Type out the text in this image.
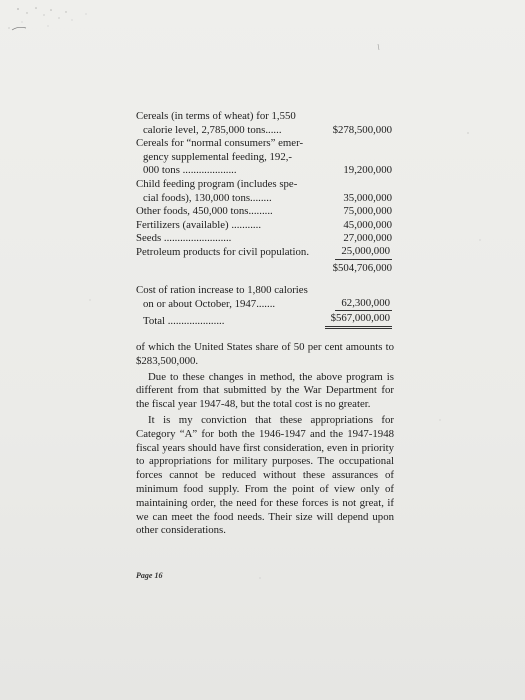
Cereals (in terms of wheat) for 1,550
calorie level, 2,785,000 tons......	$278,500,000
Cereals for “normal consumers” emer-
gency supplemental feeding, 192,-
000 tons ....................	19,200,000
Child feeding program (includes spe-
cial foods), 130,000 tons........	35,000,000
Other foods, 450,000 tons.........	75,000,000
Fertilizers (available) ...........	45,000,000
Seeds .........................	27,000,000
Petroleum products for civil population.	25,000,000
$504,706,000
Cost of ration increase to 1,800 calories
on or about October, 1947.......	62,300,000
Total .....................	$567,000,000

of which the United States share of 50 per cent amounts to $283,500,000.

Due to these changes in method, the above program is different from that submitted by the War Department for the fiscal year 1947-48, but the total cost is no greater.

It is my conviction that these appropriations for Category “A” for both the 1946-1947 and the 1947-1948 fiscal years should have first consideration, even in priority to appropriations for military purposes. The occupational forces cannot be reduced without these assurances of minimum food supply. From the point of view only of maintaining order, the need for these forces is not great, if we can meet the food needs. Their size will depend upon other considerations.

Page 16
